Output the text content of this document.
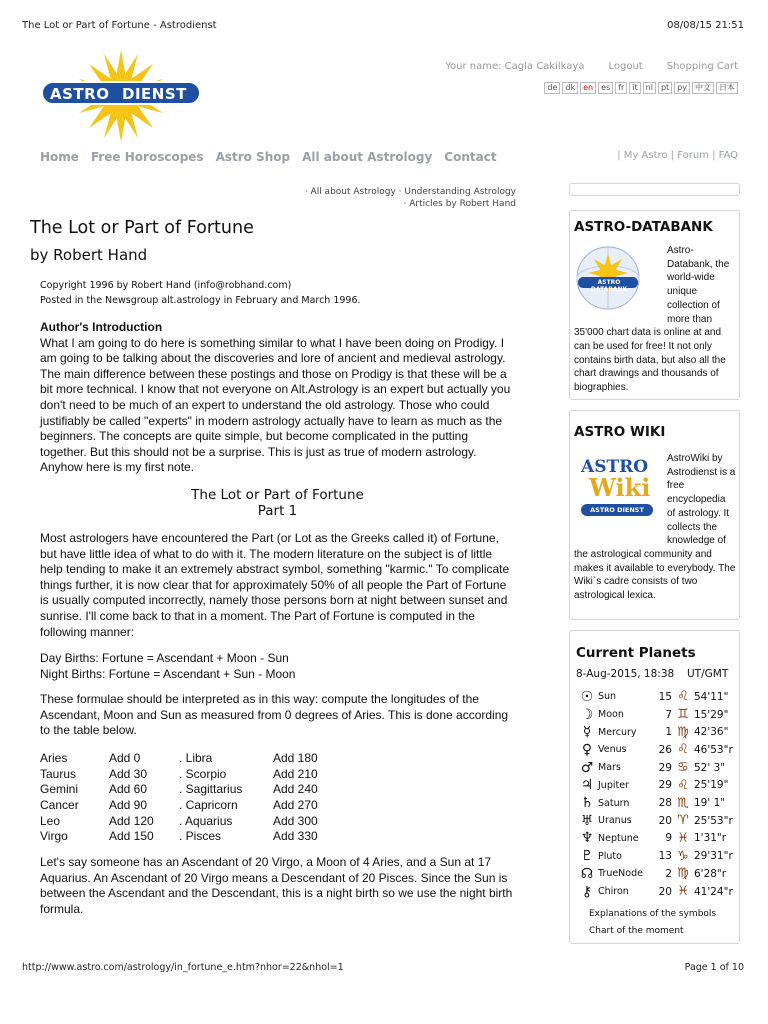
The Lot or Part of Fortune - Astrodienst	08/08/15 21:51
ASTRO DIENST
Your name: Cagla Cakilkaya Logout Shopping Cart
de	dk	en	es	fr	it	nl	pt	py	中文	日本
Home Free Horoscopes Astro Shop All about Astrology Contact	| My Astro | Forum | FAQ
· All about Astrology · Understanding Astrology
· Articles by Robert Hand
The Lot or Part of Fortune
by Robert Hand
Copyright 1996 by Robert Hand (info@robhand.com)
Posted in the Newsgroup alt.astrology in February and March 1996.
Author's Introduction
What I am going to do here is something similar to what I have been doing on Prodigy. I am going to be talking about the discoveries and lore of ancient and medieval astrology. The main difference between these postings and those on Prodigy is that these will be a bit more technical. I know that not everyone on Alt.Astrology is an expert but actually you don't need to be much of an expert to understand the old astrology. Those who could justifiably be called "experts" in modern astrology actually have to learn as much as the beginners. The concepts are quite simple, but become complicated in the putting together. But this should not be a surprise. This is just as true of modern astrology. Anyhow here is my first note.
The Lot or Part of Fortune
Part 1
Most astrologers have encountered the Part (or Lot as the Greeks called it) of Fortune, but have little idea of what to do with it. The modern literature on the subject is of little help tending to make it an extremely abstract symbol, something "karmic." To complicate things further, it is now clear that for approximately 50% of all people the Part of Fortune is usually computed incorrectly, namely those persons born at night between sunset and sunrise. I'll come back to that in a moment. The Part of Fortune is computed in the following manner:
Day Births: Fortune = Ascendant + Moon - Sun
Night Births: Fortune = Ascendant + Sun - Moon
These formulae should be interpreted as in this way: compute the longitudes of the Ascendant, Moon and Sun as measured from 0 degrees of Aries. This is done according to the table below.
Aries	Add 0	. Libra	Add 180
Taurus	Add 30	. Scorpio	Add 210
Gemini	Add 60	. Sagittarius	Add 240
Cancer	Add 90	. Capricorn	Add 270
Leo	Add 120	. Aquarius	Add 300
Virgo	Add 150	. Pisces	Add 330
Let's say someone has an Ascendant of 20 Virgo, a Moon of 4 Aries, and a Sun at 17 Aquarius. An Ascendant of 20 Virgo means a Descendant of 20 Pisces. Since the Sun is between the Ascendant and the Descendant, this is a night birth so we use the night birth formula.
ASTRO-DATABANK
ASTRO DATABANK
Astro-Databank, the world-wide unique collection of more than 35'000 chart data is online at and can be used for free! It not only contains birth data, but also all the chart drawings and thousands of biographies.
ASTRO WIKI
ASTRO
Wiki
ASTRO DIENST
AstroWiki by Astrodienst is a free encyclopedia of astrology. It collects the knowledge of the astrological community and makes it available to everybody. The Wiki`s cadre consists of two astrological lexica.
Current Planets
8-Aug-2015, 18:38 UT/GMT
Explanations of the symbols
Chart of the moment
☉ Sun	15 ♌ 54'11"
☽ Moon	7 ♊ 15'29"
☿ Mercury	1 ♍ 42'36"
♀ Venus	26 ♌ 46'53"r
♂ Mars	29 ♋ 52' 3"
♃ Jupiter	29 ♌ 25'19"
♄ Saturn	28 ♏ 19' 1"
♅ Uranus	20 ♈ 25'53"r
♆ Neptune	9 ♓ 1'31"r
♇ Pluto	13 ♑ 29'31"r
☊ TrueNode	2 ♍ 6'28"r
⚷ Chiron	20 ♓ 41'24"r
http://www.astro.com/astrology/in_fortune_e.htm?nhor=22&nhol=1	Page 1 of 10
